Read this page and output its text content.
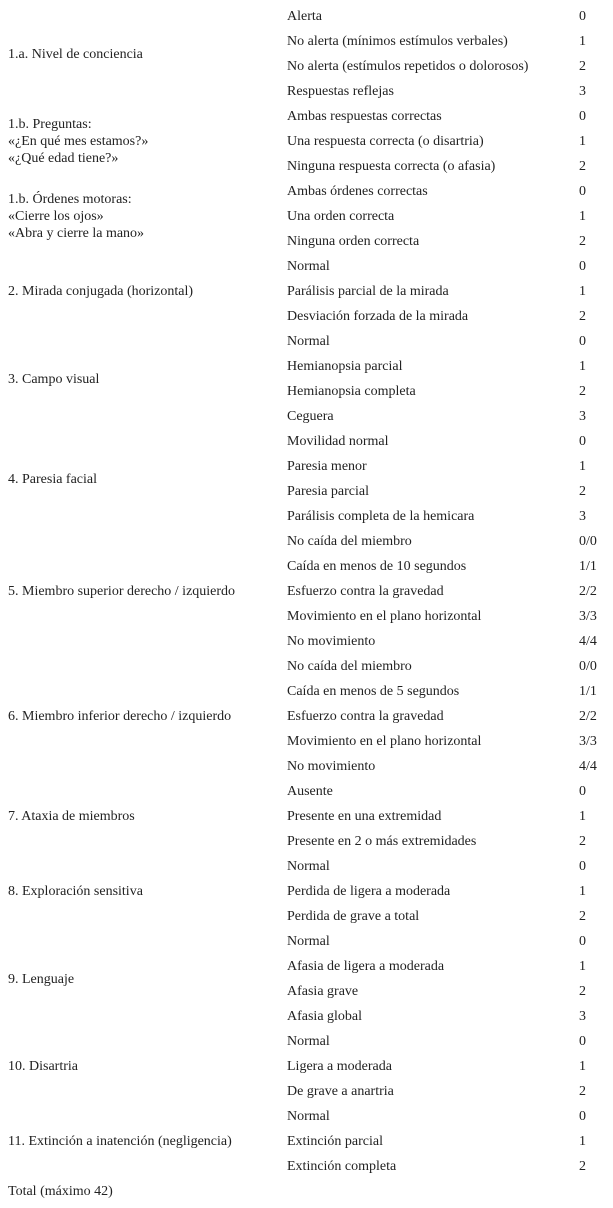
1.a. Nivel de conciencia	Alerta	0
	No alerta (mínimos estímulos verbales)	1
	No alerta (estímulos repetidos o dolorosos)	2
	Respuestas reflejas	3

1.b. Preguntas:
«¿En qué mes estamos?»
«¿Qué edad tiene?»	Ambas respuestas correctas	0
	Una respuesta correcta (o disartria)	1
	Ninguna respuesta correcta (o afasia)	2

1.b. Órdenes motoras:
«Cierre los ojos»
«Abra y cierre la mano»	Ambas órdenes correctas	0
	Una orden correcta	1
	Ninguna orden correcta	2

2. Mirada conjugada (horizontal)	Normal	0
	Parálisis parcial de la mirada	1
	Desviación forzada de la mirada	2

3. Campo visual	Normal	0
	Hemianopsia parcial	1
	Hemianopsia completa	2
	Ceguera	3

4. Paresia facial	Movilidad normal	0
	Paresia menor	1
	Paresia parcial	2
	Parálisis completa de la hemicara	3

5. Miembro superior derecho / izquierdo	No caída del miembro	0/0
	Caída en menos de 10 segundos	1/1
	Esfuerzo contra la gravedad	2/2
	Movimiento en el plano horizontal	3/3
	No movimiento	4/4

6. Miembro inferior derecho / izquierdo	No caída del miembro	0/0
	Caída en menos de 5 segundos	1/1
	Esfuerzo contra la gravedad	2/2
	Movimiento en el plano horizontal	3/3
	No movimiento	4/4

7. Ataxia de miembros	Ausente	0
	Presente en una extremidad	1
	Presente en 2 o más extremidades	2

8. Exploración sensitiva	Normal	0
	Perdida de ligera a moderada	1
	Perdida de grave a total	2

9. Lenguaje	Normal	0
	Afasia de ligera a moderada	1
	Afasia grave	2
	Afasia global	3

10. Disartria	Normal	0
	Ligera a moderada	1
	De grave a anartria	2

11. Extinción a inatención (negligencia)	Normal	0
	Extinción parcial	1
	Extinción completa	2
Total (máximo 42)		
